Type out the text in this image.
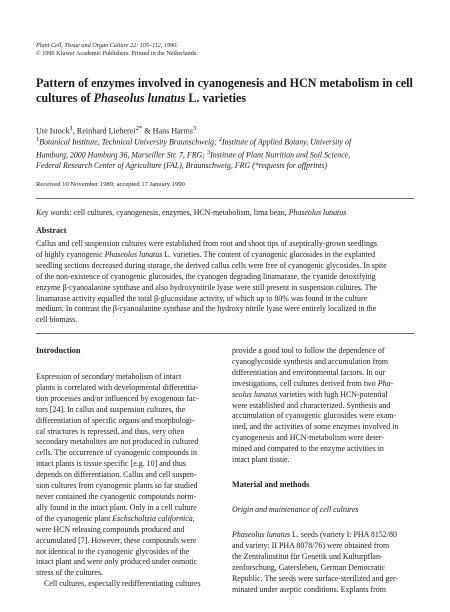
Plant Cell, Tissue and Organ Culture 22: 105–112, 1990.
© 1990 Kluwer Academic Publishers. Printed in the Netherlands.
Pattern of enzymes involved in cyanogenesis and HCN metabolism in cell
cultures of Phaseolus lunatus L. varieties
Ute Istock$^1$, Reinhard Lieberei$^{2*}$ & Hans Harms$^3$
$^1$Botanical Institute, Technical University Braunschweig; $^2$Institute of Applied Botany, University of
Hamburg, 2000 Hamburg 36, Marseiller Str. 7, FRG; $^3$Institute of Plant Nutrition and Soil Science,
Federal Research Center of Agriculture (FAL), Braunschweig, FRG (*requests for offprints)
Received 10 November 1989; accepted 17 January 1990
Key words: cell cultures, cyanogenesis, enzymes, HCN-metabolism, lima bean, Phaseolus lunatus
Abstract
Callus and cell suspension cultures were established from root and shoot tips of aseptically-grown seedlings
of highly cyanogenic Phaseolus lunatus L. varieties. The content of cyanogenic glucosides in the explanted
seedling sections decreased during storage, the derived callus cells were free of cyanogenic glycosides. In spite
of the non-existence of cyanogenic glucosides, the cyanogen degrading linamarase, the cyanide detoxifying
enzyme β-cyanoalanine synthase and also hydroxynitrile lyase were still present in suspension cultures. The
linamarase activity equalled the total β-glucosidase activity, of which up to 80% was found in the culture
medium. In contrast the β-cyanoalanine synthase and the hydroxy nitrile lyase were entirely localized in the
cell biomass.
Introduction
Expression of secondary metabolism of intact
plants is correlated with developmental differentia-
tion processes and/or influenced by exogenous fac-
tors [24]. In callus and suspension cultures, the
differentiation of specific organs and morphologi-
cal structures is repressed, and thus, very often
secondary metabolites are not produced in cultured
cells. The occurrence of cyanogenic compounds in
intact plants is tissue specific [e.g. 10] and thus
depends on differentiation. Callus and cell suspen-
sion cultures from cyanogenic plants so far studied
never contained the cyanogenic compounds norm-
ally found in the intact plant. Only in a cell culture
of the cyanogenic plant Eschscholtzia californica,
were HCN releasing compounds produced and
accumulated [7]. However, these compounds were
not identical to the cyanogenic glycosides of the
intact plant and were only produced under osmotic
stress of the cultures.
Cell cultures, especially redifferentiating cultures
provide a good tool to follow the dependence of
cyanoglycoside synthesis and accumulation from
differentiation and environmental factors. In our
investigations, cell cultures derived from two Pha-
seolus lunatus varieties with high HCN-potential
were established and characterized. Synthesis and
accumulation of cyanogenic glucosides were exam-
ined, and the activities of some enzymes involved in
cyanogenesis and HCN-metabolism were deter-
mined and compared to the enzyme activities in
intact plant tissue.
Material and methods
Origin and maintenance of cell cultures
Phaseolus lunatus L. seeds (variety I: PHA 8152/80
and variety: II PHA 8078/76) were obtained from
the Zentralinstitut für Genetik und Kulturpflan-
zenforschung, Gatersleben, German Democratic
Republic. The seeds were surface-sterilized and ger-
minated under aseptic conditions. Explants from
